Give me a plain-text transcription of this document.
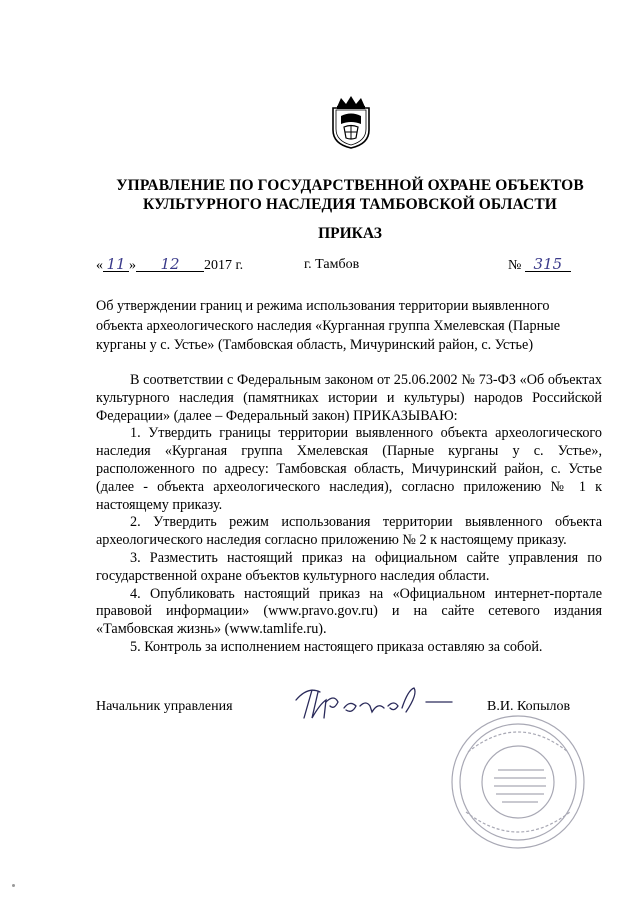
УПРАВЛЕНИЕ ПО ГОСУДАРСТВЕННОЙ ОХРАНЕ ОБЪЕКТОВ
КУЛЬТУРНОГО НАСЛЕДИЯ ТАМБОВСКОЙ ОБЛАСТИ
ПРИКАЗ
« 11 » 12 2017 г.	г. Тамбов	№ 315
Об утверждении границ и режима использования территории выявленного
объекта археологического наследия «Курганная группа Хмелевская (Парные
курганы у с. Устье» (Тамбовская область, Мичуринский район, с. Устье)

В соответствии с Федеральным законом от 25.06.2002 № 73-ФЗ «Об объектах культурного наследия (памятниках истории и культуры) народов Российской Федерации» (далее – Федеральный закон) ПРИКАЗЫВАЮ:

1. Утвердить границы территории выявленного объекта археологического наследия «Курганая группа Хмелевская (Парные курганы у с. Устье», расположенного по адресу: Тамбовская область, Мичуринский район, с. Устье (далее - объекта археологического наследия), согласно приложению № 1 к настоящему приказу.

2. Утвердить режим использования территории выявленного объекта археологического наследия согласно приложению № 2 к настоящему приказу.

3. Разместить настоящий приказ на официальном сайте управления по государственной охране объектов культурного наследия области.

4. Опубликовать настоящий приказ на «Официальном интернет-портале правовой информации» (www.pravo.gov.ru) и на сайте сетевого издания «Тамбовская жизнь» (www.tamlife.ru).

5. Контроль за исполнением настоящего приказа оставляю за собой.

Начальник управления	В.И. Копылов
